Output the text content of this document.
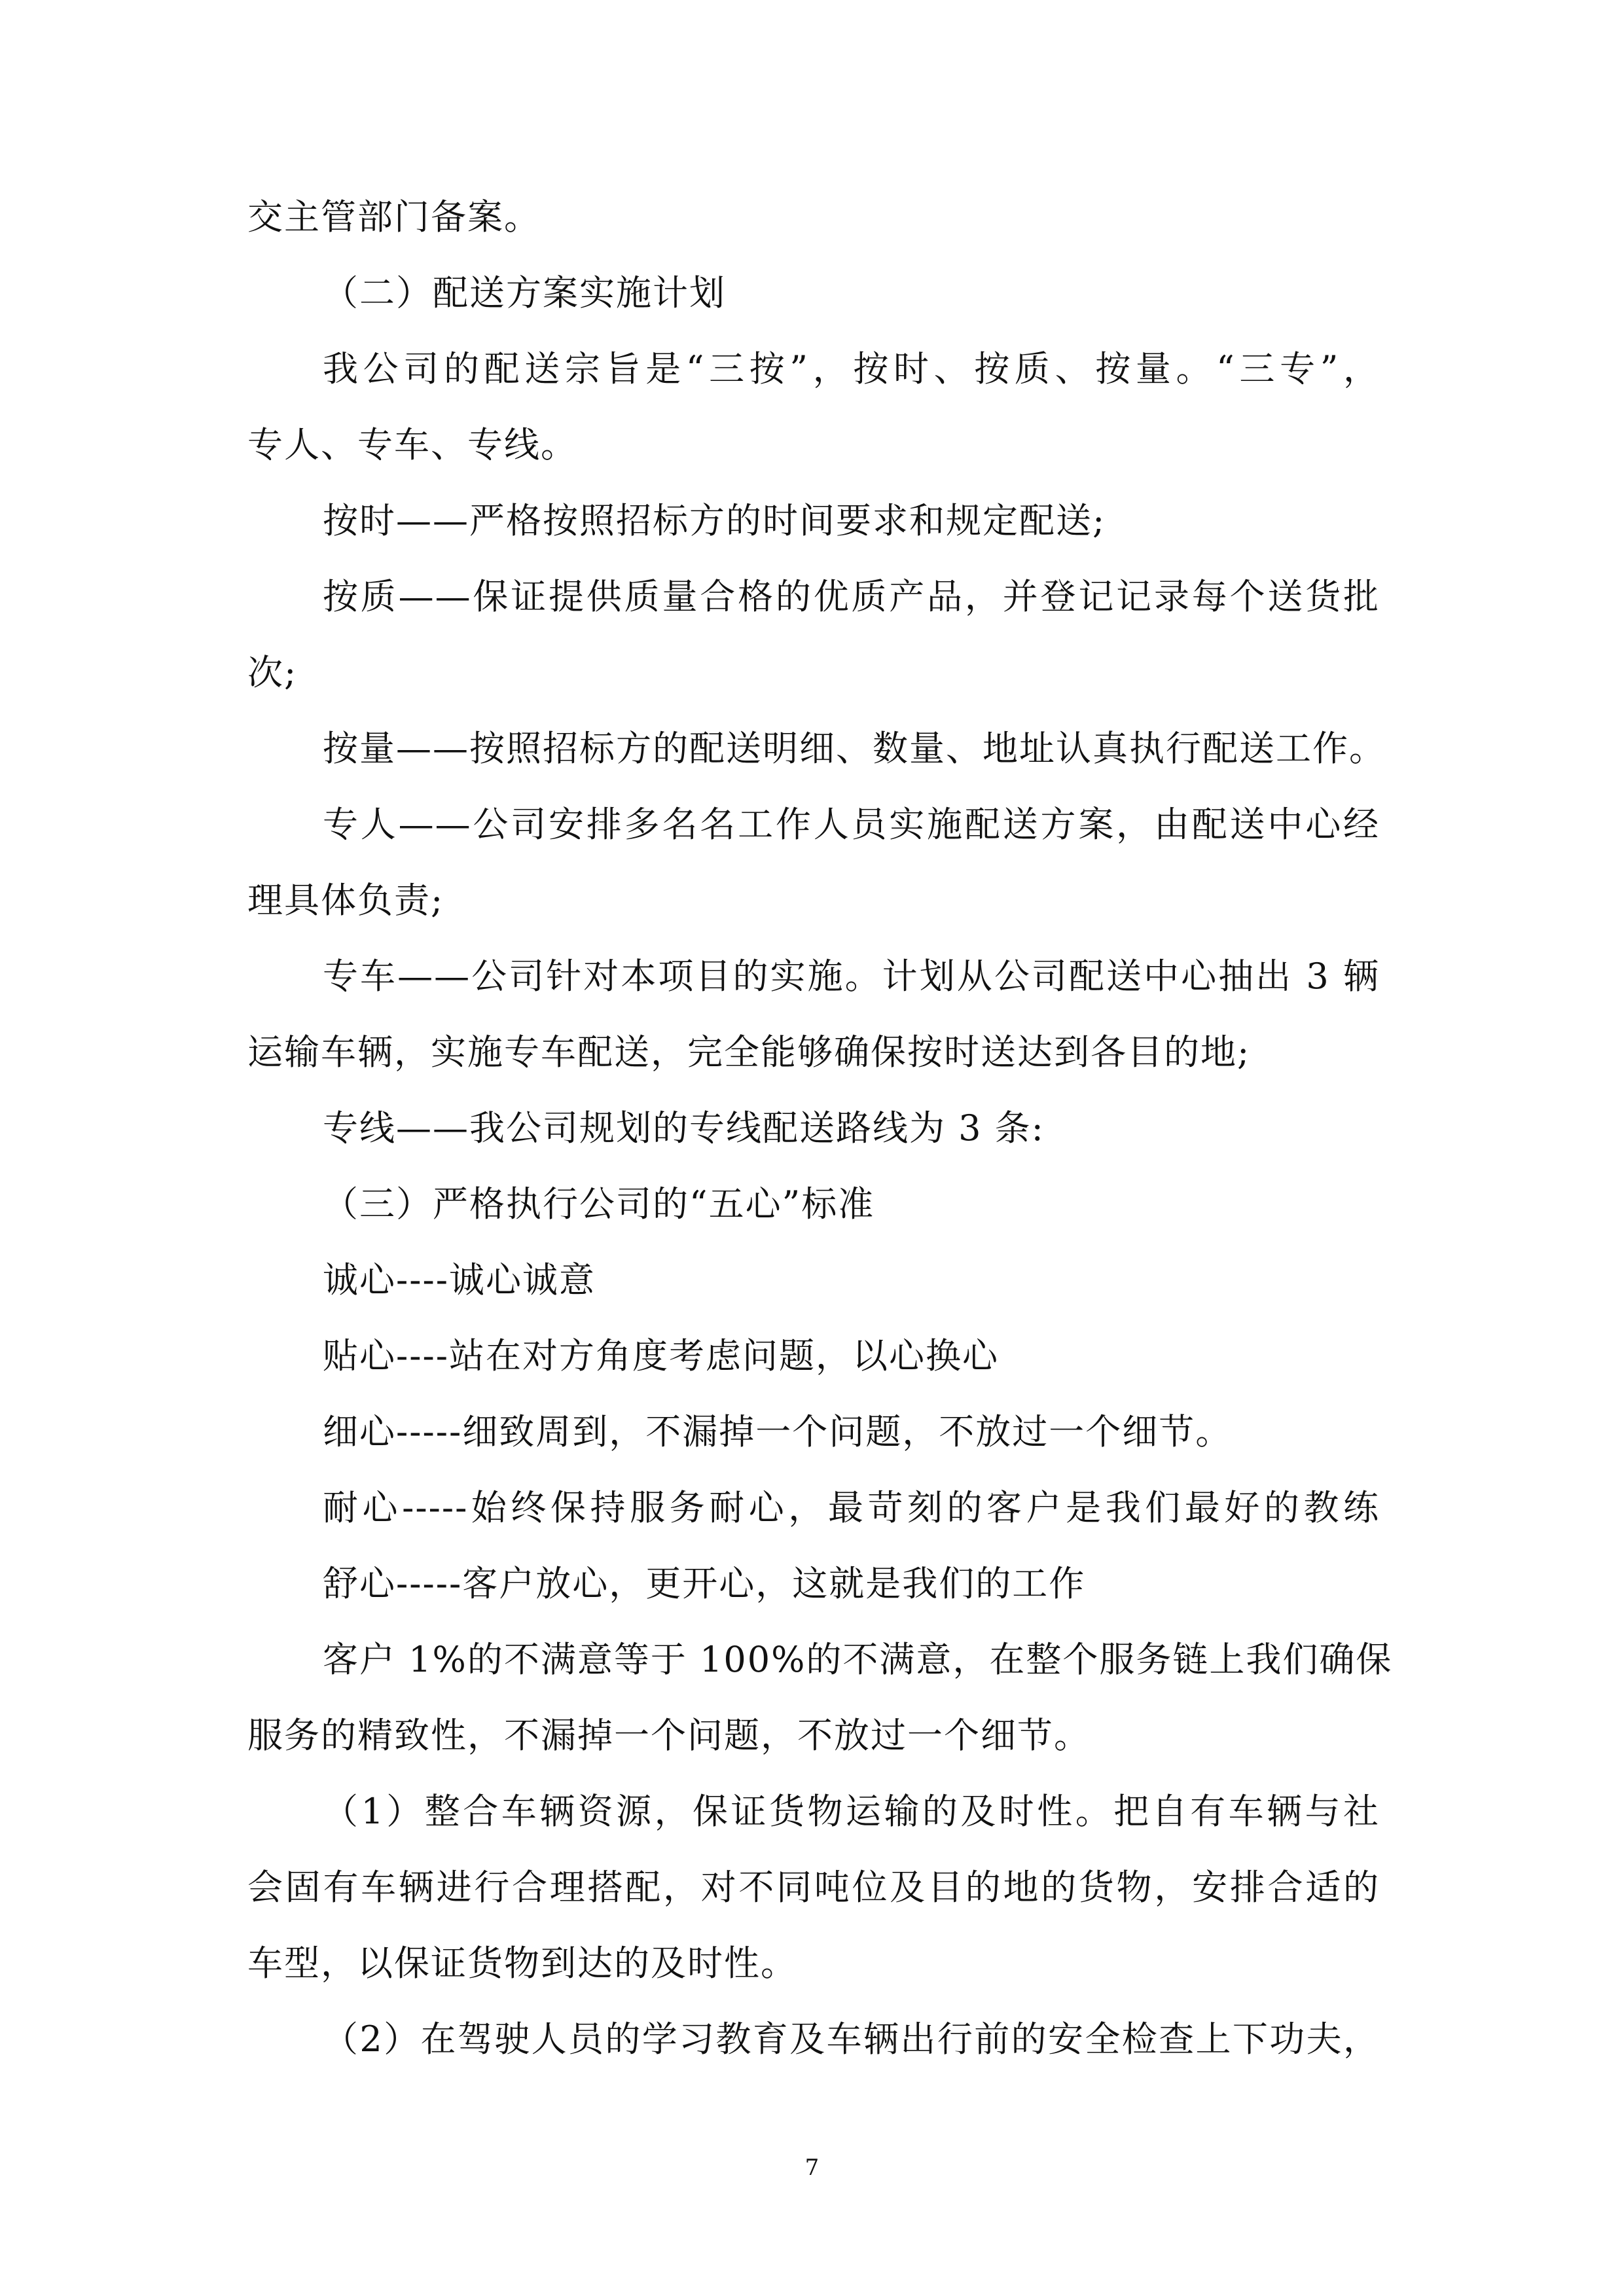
交主管部门备案。
（二）配送方案实施计划
我公司的配送宗旨是“三按”，按时、按质、按量。“三专”，
专人、专车、专线。
按时——严格按照招标方的时间要求和规定配送;
按质——保证提供质量合格的优质产品，并登记记录每个送货批
次;
按量——按照招标方的配送明细、数量、地址认真执行配送工作。
专人——公司安排多名名工作人员实施配送方案，由配送中心经
理具体负责;
专车——公司针对本项目的实施。计划从公司配送中心抽出 3 辆
运输车辆，实施专车配送，完全能够确保按时送达到各目的地;
专线——我公司规划的专线配送路线为 3 条:
（三）严格执行公司的“五心”标准
诚心----诚心诚意
贴心----站在对方角度考虑问题，以心换心
细心-----细致周到，不漏掉一个问题，不放过一个细节。
耐心-----始终保持服务耐心，最苛刻的客户是我们最好的教练
舒心-----客户放心，更开心，这就是我们的工作
客户 1%的不满意等于 100%的不满意，在整个服务链上我们确保
服务的精致性，不漏掉一个问题，不放过一个细节。
（1）整合车辆资源，保证货物运输的及时性。把自有车辆与社
会固有车辆进行合理搭配，对不同吨位及目的地的货物，安排合适的
车型，以保证货物到达的及时性。
（2）在驾驶人员的学习教育及车辆出行前的安全检查上下功夫，
7
